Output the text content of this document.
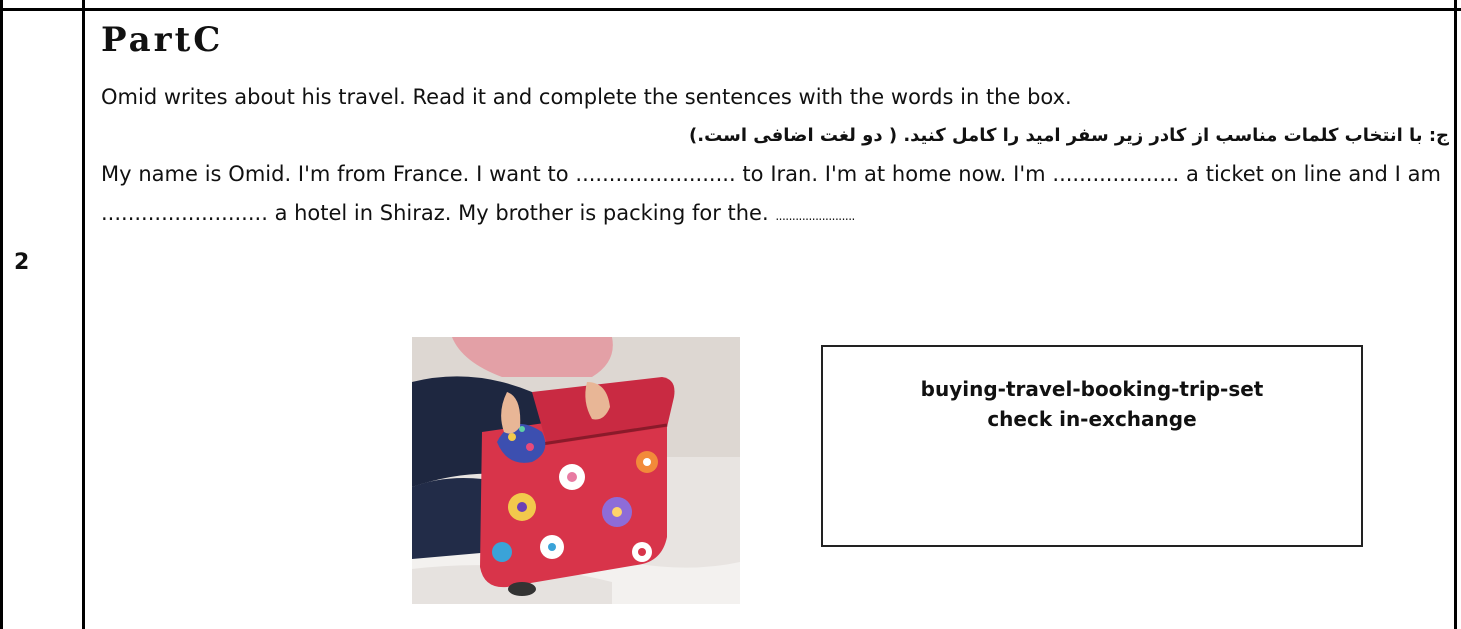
2
PartC
Omid writes about his travel. Read it and complete the sentences with the words in the box.
ج: با انتخاب کلمات مناسب از کادر زیر سفر امید را کامل کنید. ( دو لغت اضافی است.)
My name is Omid. I'm from France. I want to ........................ to Iran. I'm at home now. I'm ................... a ticket on line and I am ......................... a hotel in Shiraz. My brother is packing for the. ........................
buying-travel-booking-trip-set
check in-exchange
